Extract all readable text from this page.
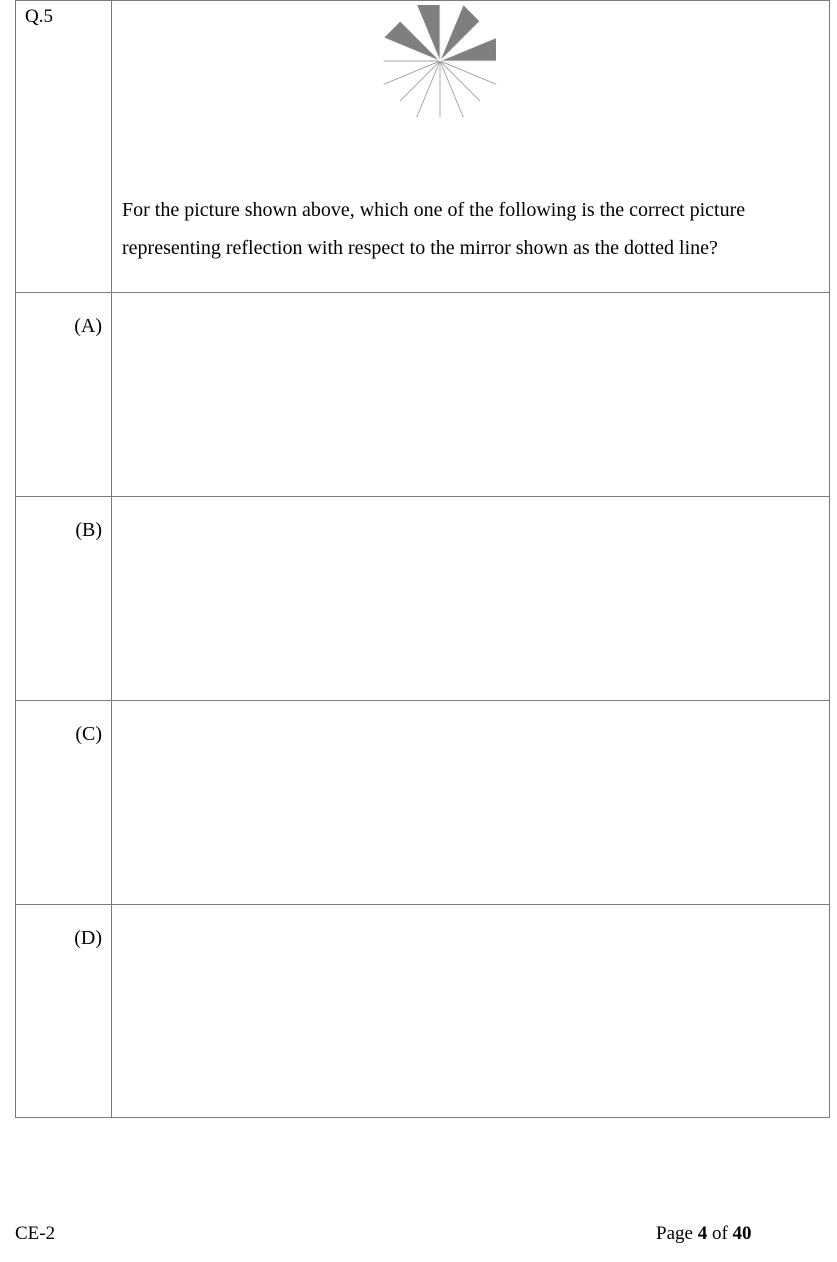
Q.5	For the picture shown above, which one of the following is the correct picture representing reflection with respect to the mirror shown as the dotted line?

(A)

(B)

(C)

(D)

CE-2	Page 4 of 40
